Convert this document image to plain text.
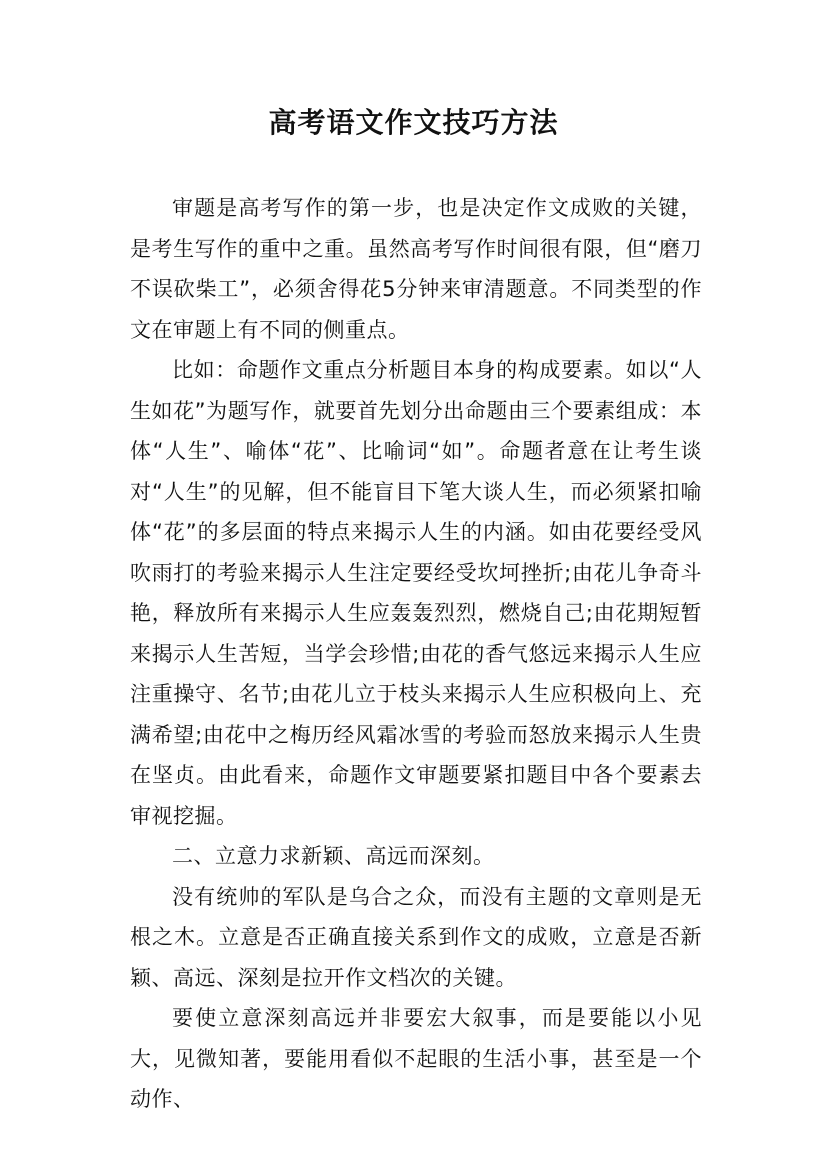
高考语文作文技巧方法

审题是高考写作的第一步，也是决定作文成败的关键，是考生写作的重中之重。虽然高考写作时间很有限，但“磨刀不误砍柴工”，必须舍得花5分钟来审清题意。不同类型的作文在审题上有不同的侧重点。

比如：命题作文重点分析题目本身的构成要素。如以“人生如花”为题写作，就要首先划分出命题由三个要素组成：本体“人生”、喻体“花”、比喻词“如”。命题者意在让考生谈对“人生”的见解，但不能盲目下笔大谈人生，而必须紧扣喻体“花”的多层面的特点来揭示人生的内涵。如由花要经受风吹雨打的考验来揭示人生注定要经受坎坷挫折;由花儿争奇斗艳，释放所有来揭示人生应轰轰烈烈，燃烧自己;由花期短暂来揭示人生苦短，当学会珍惜;由花的香气悠远来揭示人生应注重操守、名节;由花儿立于枝头来揭示人生应积极向上、充满希望;由花中之梅历经风霜冰雪的考验而怒放来揭示人生贵在坚贞。由此看来，命题作文审题要紧扣题目中各个要素去审视挖掘。

二、立意力求新颖、高远而深刻。

没有统帅的军队是乌合之众，而没有主题的文章则是无根之木。立意是否正确直接关系到作文的成败，立意是否新颖、高远、深刻是拉开作文档次的关键。

要使立意深刻高远并非要宏大叙事，而是要能以小见大，见微知著，要能用看似不起眼的生活小事，甚至是一个动作、
